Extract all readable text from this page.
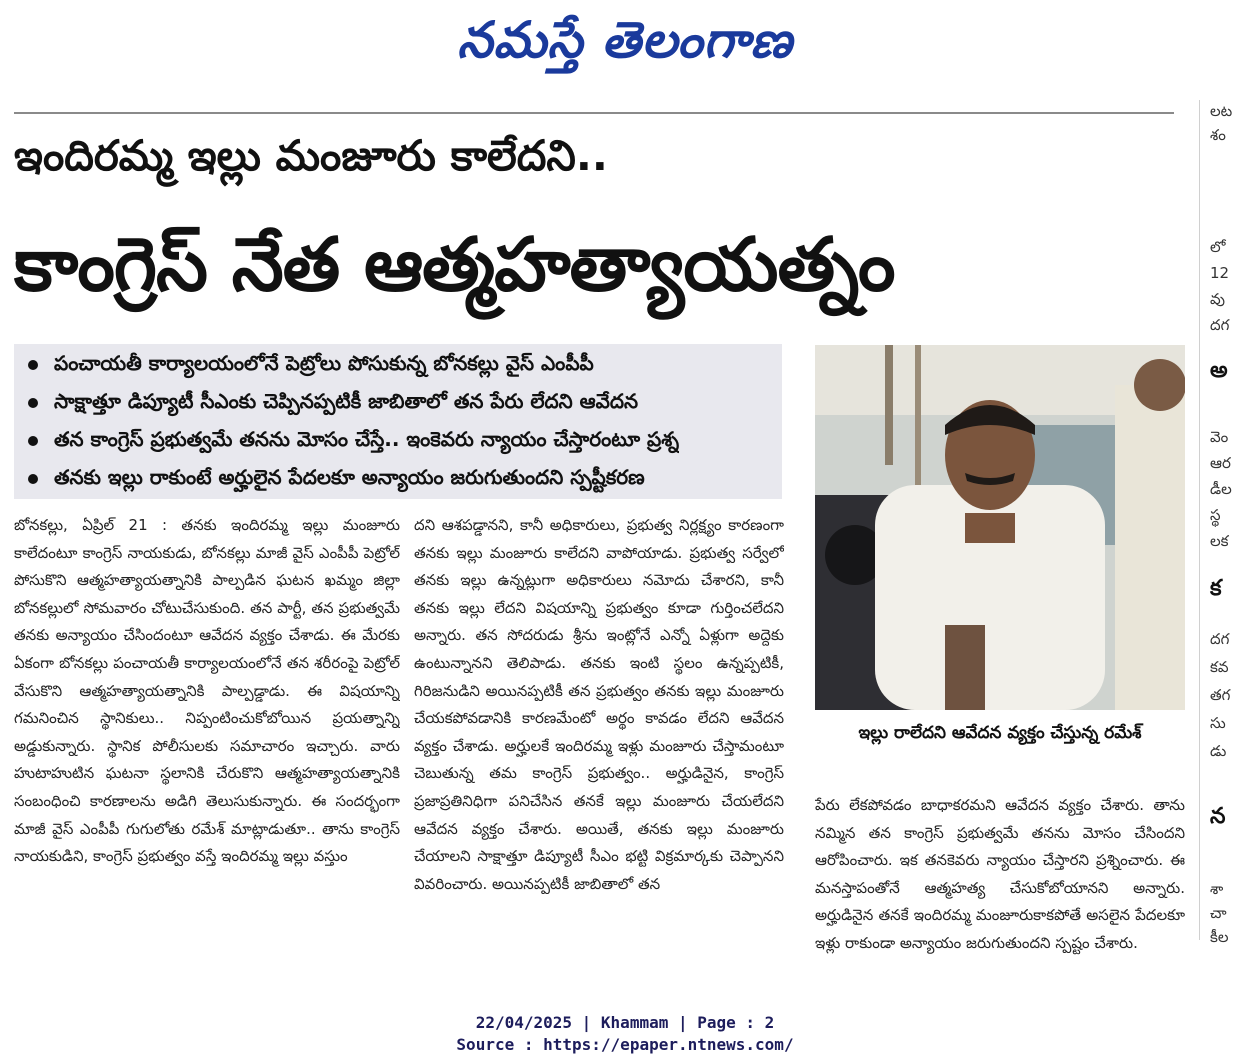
నమస్తే తెలంగాణ
లట
శం
లో
12
వు
దగ
అ
వెం
ఆర
డీల
స్థ
లక
క
దగ
కవ
తగ
సు
డు
న
శా
చా
కీల
ఇందిరమ్మ ఇల్లు మంజూరు కాలేదని..
కాంగ్రెస్ నేత ఆత్మహత్యాయత్నం
పంచాయతీ కార్యాలయంలోనే పెట్రోలు పోసుకున్న బోనకల్లు వైస్ ఎంపీపీ
సాక్షాత్తూ డిప్యూటీ సీఎంకు చెప్పినప్పటికీ జాబితాలో తన పేరు లేదని ఆవేదన
తన కాంగ్రెస్ ప్రభుత్వమే తనను మోసం చేస్తే.. ఇంకెవరు న్యాయం చేస్తారంటూ ప్రశ్న
తనకు ఇల్లు రాకుంటే అర్హులైన పేదలకూ అన్యాయం జరుగుతుందని స్పష్టీకరణ

బోనకల్లు, ఏప్రిల్ 21 : తనకు ఇందిరమ్మ ఇల్లు మంజూరు కాలేదంటూ కాంగ్రెస్ నాయకుడు, బోనకల్లు మాజీ వైస్ ఎంపీపీ పెట్రోల్ పోసుకొని ఆత్మహత్యాయత్నానికి పాల్పడిన ఘటన ఖమ్మం జిల్లా బోనకల్లులో సోమవారం చోటుచేసుకుంది. తన పార్టీ, తన ప్రభుత్వమే తనకు అన్యాయం చేసిందంటూ ఆవేదన వ్యక్తం చేశాడు. ఈ మేరకు ఏకంగా బోనకల్లు పంచాయతీ కార్యాలయంలోనే తన శరీరంపై పెట్రోల్ వేసుకొని ఆత్మహత్యాయత్నానికి పాల్పడ్డాడు. ఈ విషయాన్ని గమనించిన స్థానికులు.. నిప్పంటించుకోబోయిన ప్రయత్నాన్ని అడ్డుకున్నారు. స్థానిక పోలీసులకు సమాచారం ఇచ్చారు. వారు హుటాహుటిన ఘటనా స్థలానికి చేరుకొని ఆత్మహత్యాయత్నానికి సంబంధించి కారణాలను అడిగి తెలుసుకున్నారు. ఈ సందర్భంగా మాజీ వైస్ ఎంపీపీ గుగులోతు రమేశ్ మాట్లాడుతూ.. తాను కాంగ్రెస్ నాయకుడిని, కాంగ్రెస్ ప్రభుత్వం వస్తే ఇందిరమ్మ ఇల్లు వస్తుం

దని ఆశపడ్డానని, కానీ అధికారులు, ప్రభుత్వ నిర్లక్ష్యం కారణంగా తనకు ఇల్లు మంజూరు కాలేదని వాపోయాడు. ప్రభుత్వ సర్వేలో తనకు ఇల్లు ఉన్నట్లుగా అధికారులు నమోదు చేశారని, కానీ తనకు ఇల్లు లేదని విషయాన్ని ప్రభుత్వం కూడా గుర్తించలేదని అన్నారు. తన సోదరుడు శ్రీను ఇంట్లోనే ఎన్నో ఏళ్లుగా అద్దెకు ఉంటున్నానని తెలిపాడు. తనకు ఇంటి స్థలం ఉన్నప్పటికీ, గిరిజనుడిని అయినప్పటికీ తన ప్రభుత్వం తనకు ఇల్లు మంజూరు చేయకపోవడానికి కారణమేంటో అర్థం కావడం లేదని ఆవేదన వ్యక్తం చేశాడు. అర్హులకే ఇందిరమ్మ ఇళ్లు మంజూరు చేస్తామంటూ చెబుతున్న తమ కాంగ్రెస్ ప్రభుత్వం.. అర్హుడినైన, కాంగ్రెస్ ప్రజాప్రతినిధిగా పనిచేసిన తనకే ఇల్లు మంజూరు చేయలేదని ఆవేదన వ్యక్తం చేశారు. అయితే, తనకు ఇల్లు మంజూరు చేయాలని సాక్షాత్తూ డిప్యూటీ సీఎం భట్టి విక్రమార్కకు చెప్పానని వివరించారు. అయినప్పటికీ జాబితాలో తన

ఇల్లు రాలేదని ఆవేదన వ్యక్తం చేస్తున్న రమేశ్

పేరు లేకపోవడం బాధాకరమని ఆవేదన వ్యక్తం చేశారు. తాను నమ్మిన తన కాంగ్రెస్ ప్రభుత్వమే తనను మోసం చేసిందని ఆరోపించారు. ఇక తనకెవరు న్యాయం చేస్తారని ప్రశ్నించారు. ఈ మనస్తాపంతోనే ఆత్మహత్య చేసుకోబోయానని అన్నారు. అర్హుడినైన తనకే ఇందిరమ్మ మంజూరుకాకపోతే అసలైన పేదలకూ ఇళ్లు రాకుండా అన్యాయం జరుగుతుందని స్పష్టం చేశారు.

22/04/2025 | Khammam | Page : 2
Source : https://epaper.ntnews.com/
